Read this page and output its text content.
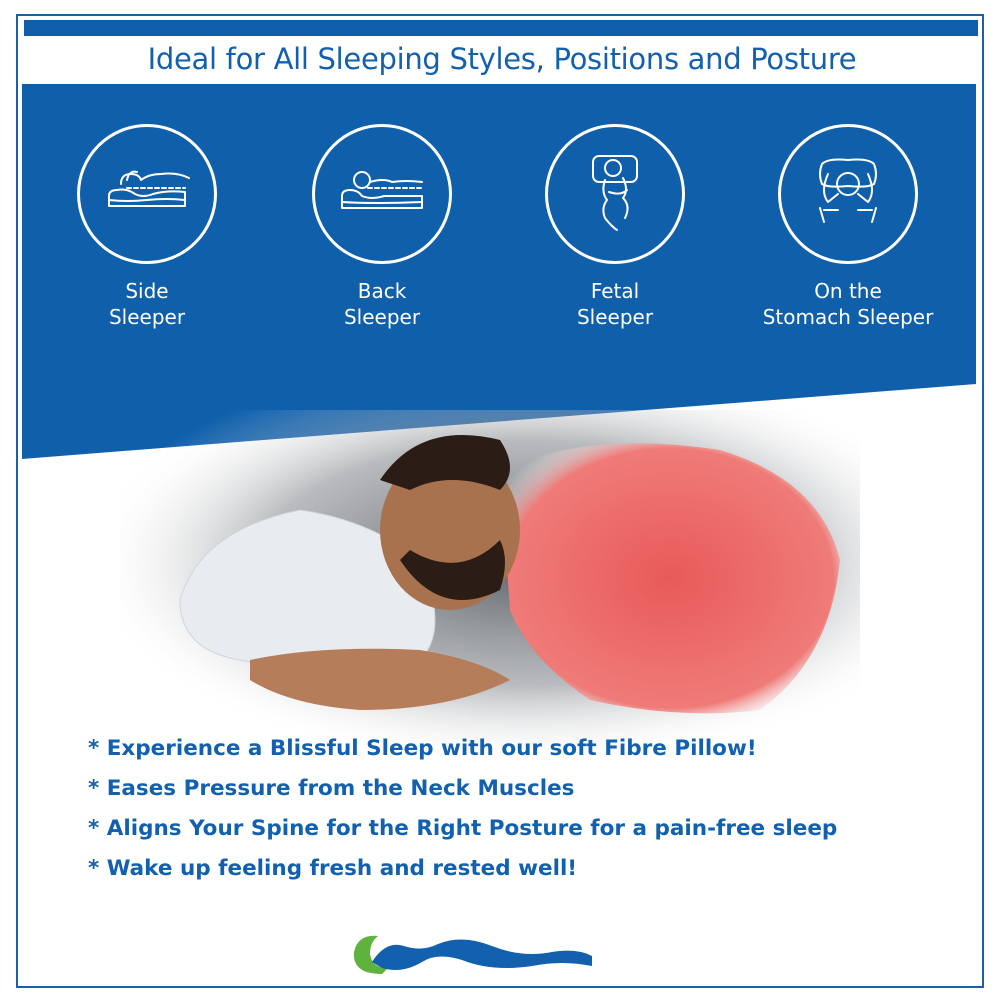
Ideal for All Sleeping Styles, Positions and Posture
Side
Sleeper
Back
Sleeper
Fetal
Sleeper
On the
Stomach Sleeper
* Experience a Blissful Sleep with our soft Fibre Pillow!
* Eases Pressure from the Neck Muscles
* Aligns Your Spine for the Right Posture for a pain-free sleep
* Wake up feeling fresh and rested well!
